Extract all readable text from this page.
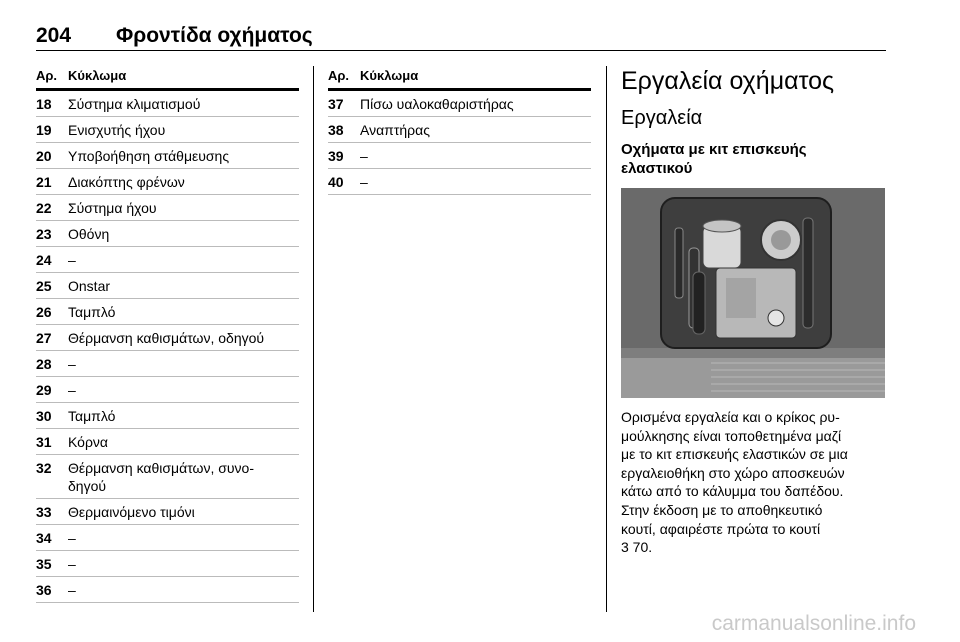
204 Φροντίδα οχήματος
Αρ. Κύκλωμα
18 Σύστημα κλιματισμού
19 Ενισχυτής ήχου
20 Υποβοήθηση στάθμευσης
21 Διακόπτης φρένων
22 Σύστημα ήχου
23 Οθόνη
24 –
25 Onstar
26 Ταμπλό
27 Θέρμανση καθισμάτων, οδηγού
28 –
29 –
30 Ταμπλό
31 Κόρνα
32 Θέρμανση καθισμάτων, συνο-
δηγού
33 Θερμαινόμενο τιμόνι
34 –
35 –
36 –
Αρ. Κύκλωμα
37 Πίσω υαλοκαθαριστήρας
38 Αναπτήρας
39 –
40 –
Εργαλεία οχήματος
Εργαλεία
Οχήματα με κιτ επισκευής
ελαστικού
Ορισμένα εργαλεία και ο κρίκος ρυ-
μούλκησης είναι τοποθετημένα μαζί
με το κιτ επισκευής ελαστικών σε μια
εργαλειοθήκη στο χώρο αποσκευών
κάτω από το κάλυμμα του δαπέδου.
Στην έκδοση με το αποθηκευτικό
κουτί, αφαιρέστε πρώτα το κουτί
3 70.
carmanualsonline.info
